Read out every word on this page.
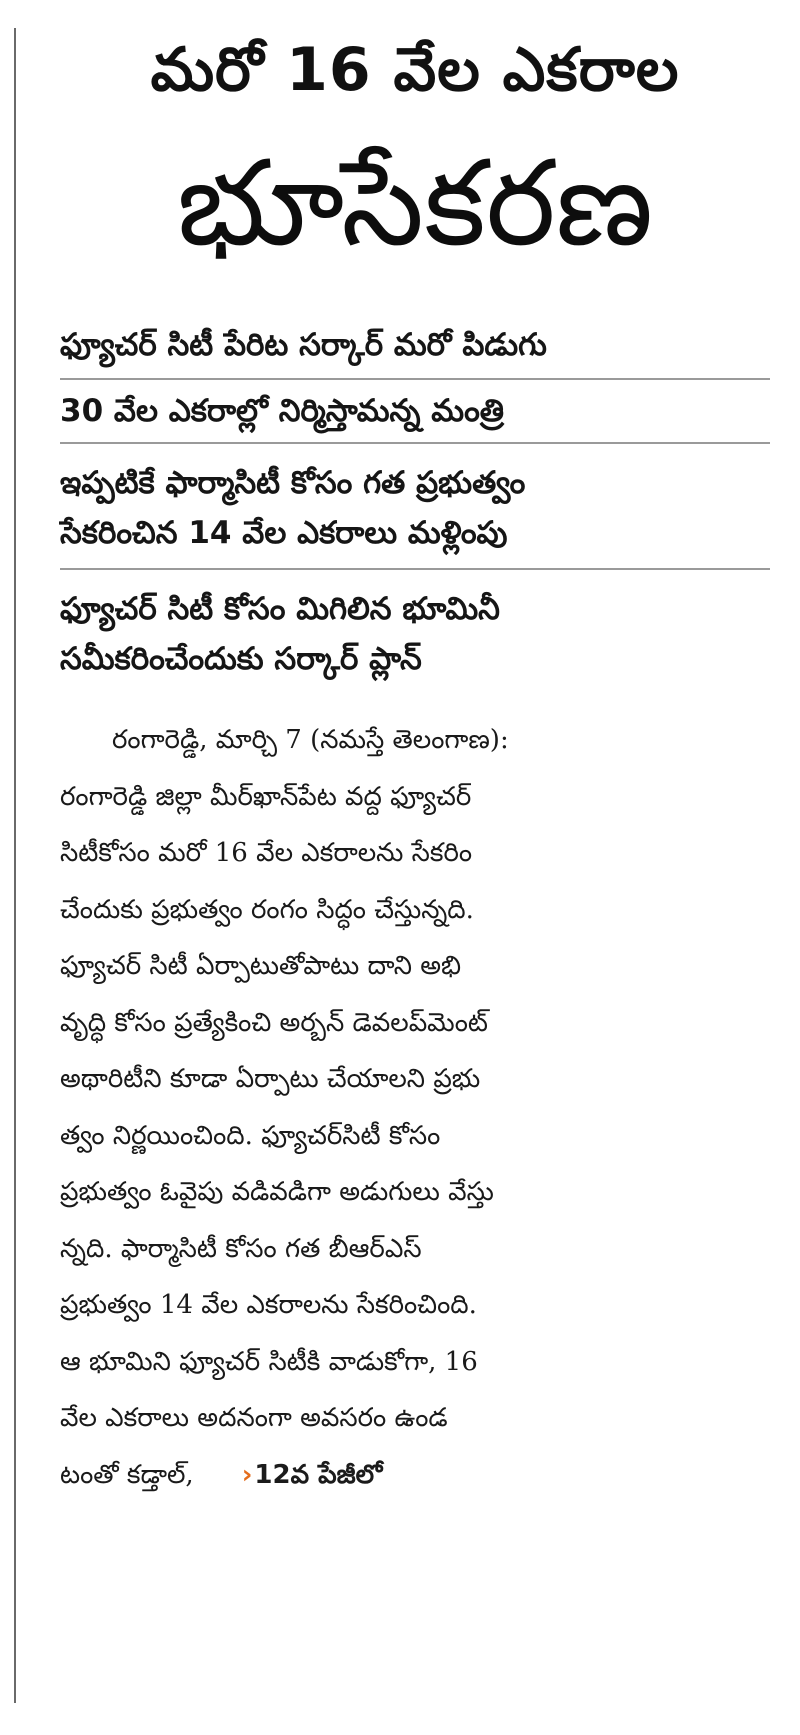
మరో 16 వేల ఎకరాల
భూసేకరణ
ఫ్యూచర్ సిటీ పేరిట సర్కార్ మరో పిడుగు
30 వేల ఎకరాల్లో నిర్మిస్తామన్న మంత్రి
ఇప్పటికే ఫార్మాసిటీ కోసం గత ప్రభుత్వం
సేకరించిన 14 వేల ఎకరాలు మళ్లింపు
ఫ్యూచర్ సిటీ కోసం మిగిలిన భూమినీ
సమీకరించేందుకు సర్కార్ ప్లాన్
రంగారెడ్డి, మార్చి 7 (నమస్తే తెలంగాణ):
రంగారెడ్డి జిల్లా మీర్‌ఖాన్‌పేట వద్ద ఫ్యూచర్
సిటీకోసం మరో 16 వేల ఎకరాలను సేకరిం
చేందుకు ప్రభుత్వం రంగం సిద్ధం చేస్తున్నది.
ఫ్యూచర్ సిటీ ఏర్పాటుతోపాటు దాని అభి
వృద్ధి కోసం ప్రత్యేకించి అర్బన్ డెవలప్‌మెంట్
అథారిటీని కూడా ఏర్పాటు చేయాలని ప్రభు
త్వం నిర్ణయించింది. ఫ్యూచర్‌సిటీ కోసం
ప్రభుత్వం ఓవైపు వడివడిగా అడుగులు వేస్తు
న్నది. ఫార్మాసిటీ కోసం గత బీఆర్‌ఎస్
ప్రభుత్వం 14 వేల ఎకరాలను సేకరించింది.
ఆ భూమిని ఫ్యూచర్ సిటీకి వాడుకోగా, 16
వేల ఎకరాలు అదనంగా అవసరం ఉండ
టంతో కడ్తాల్, ›12వ పేజీలో
